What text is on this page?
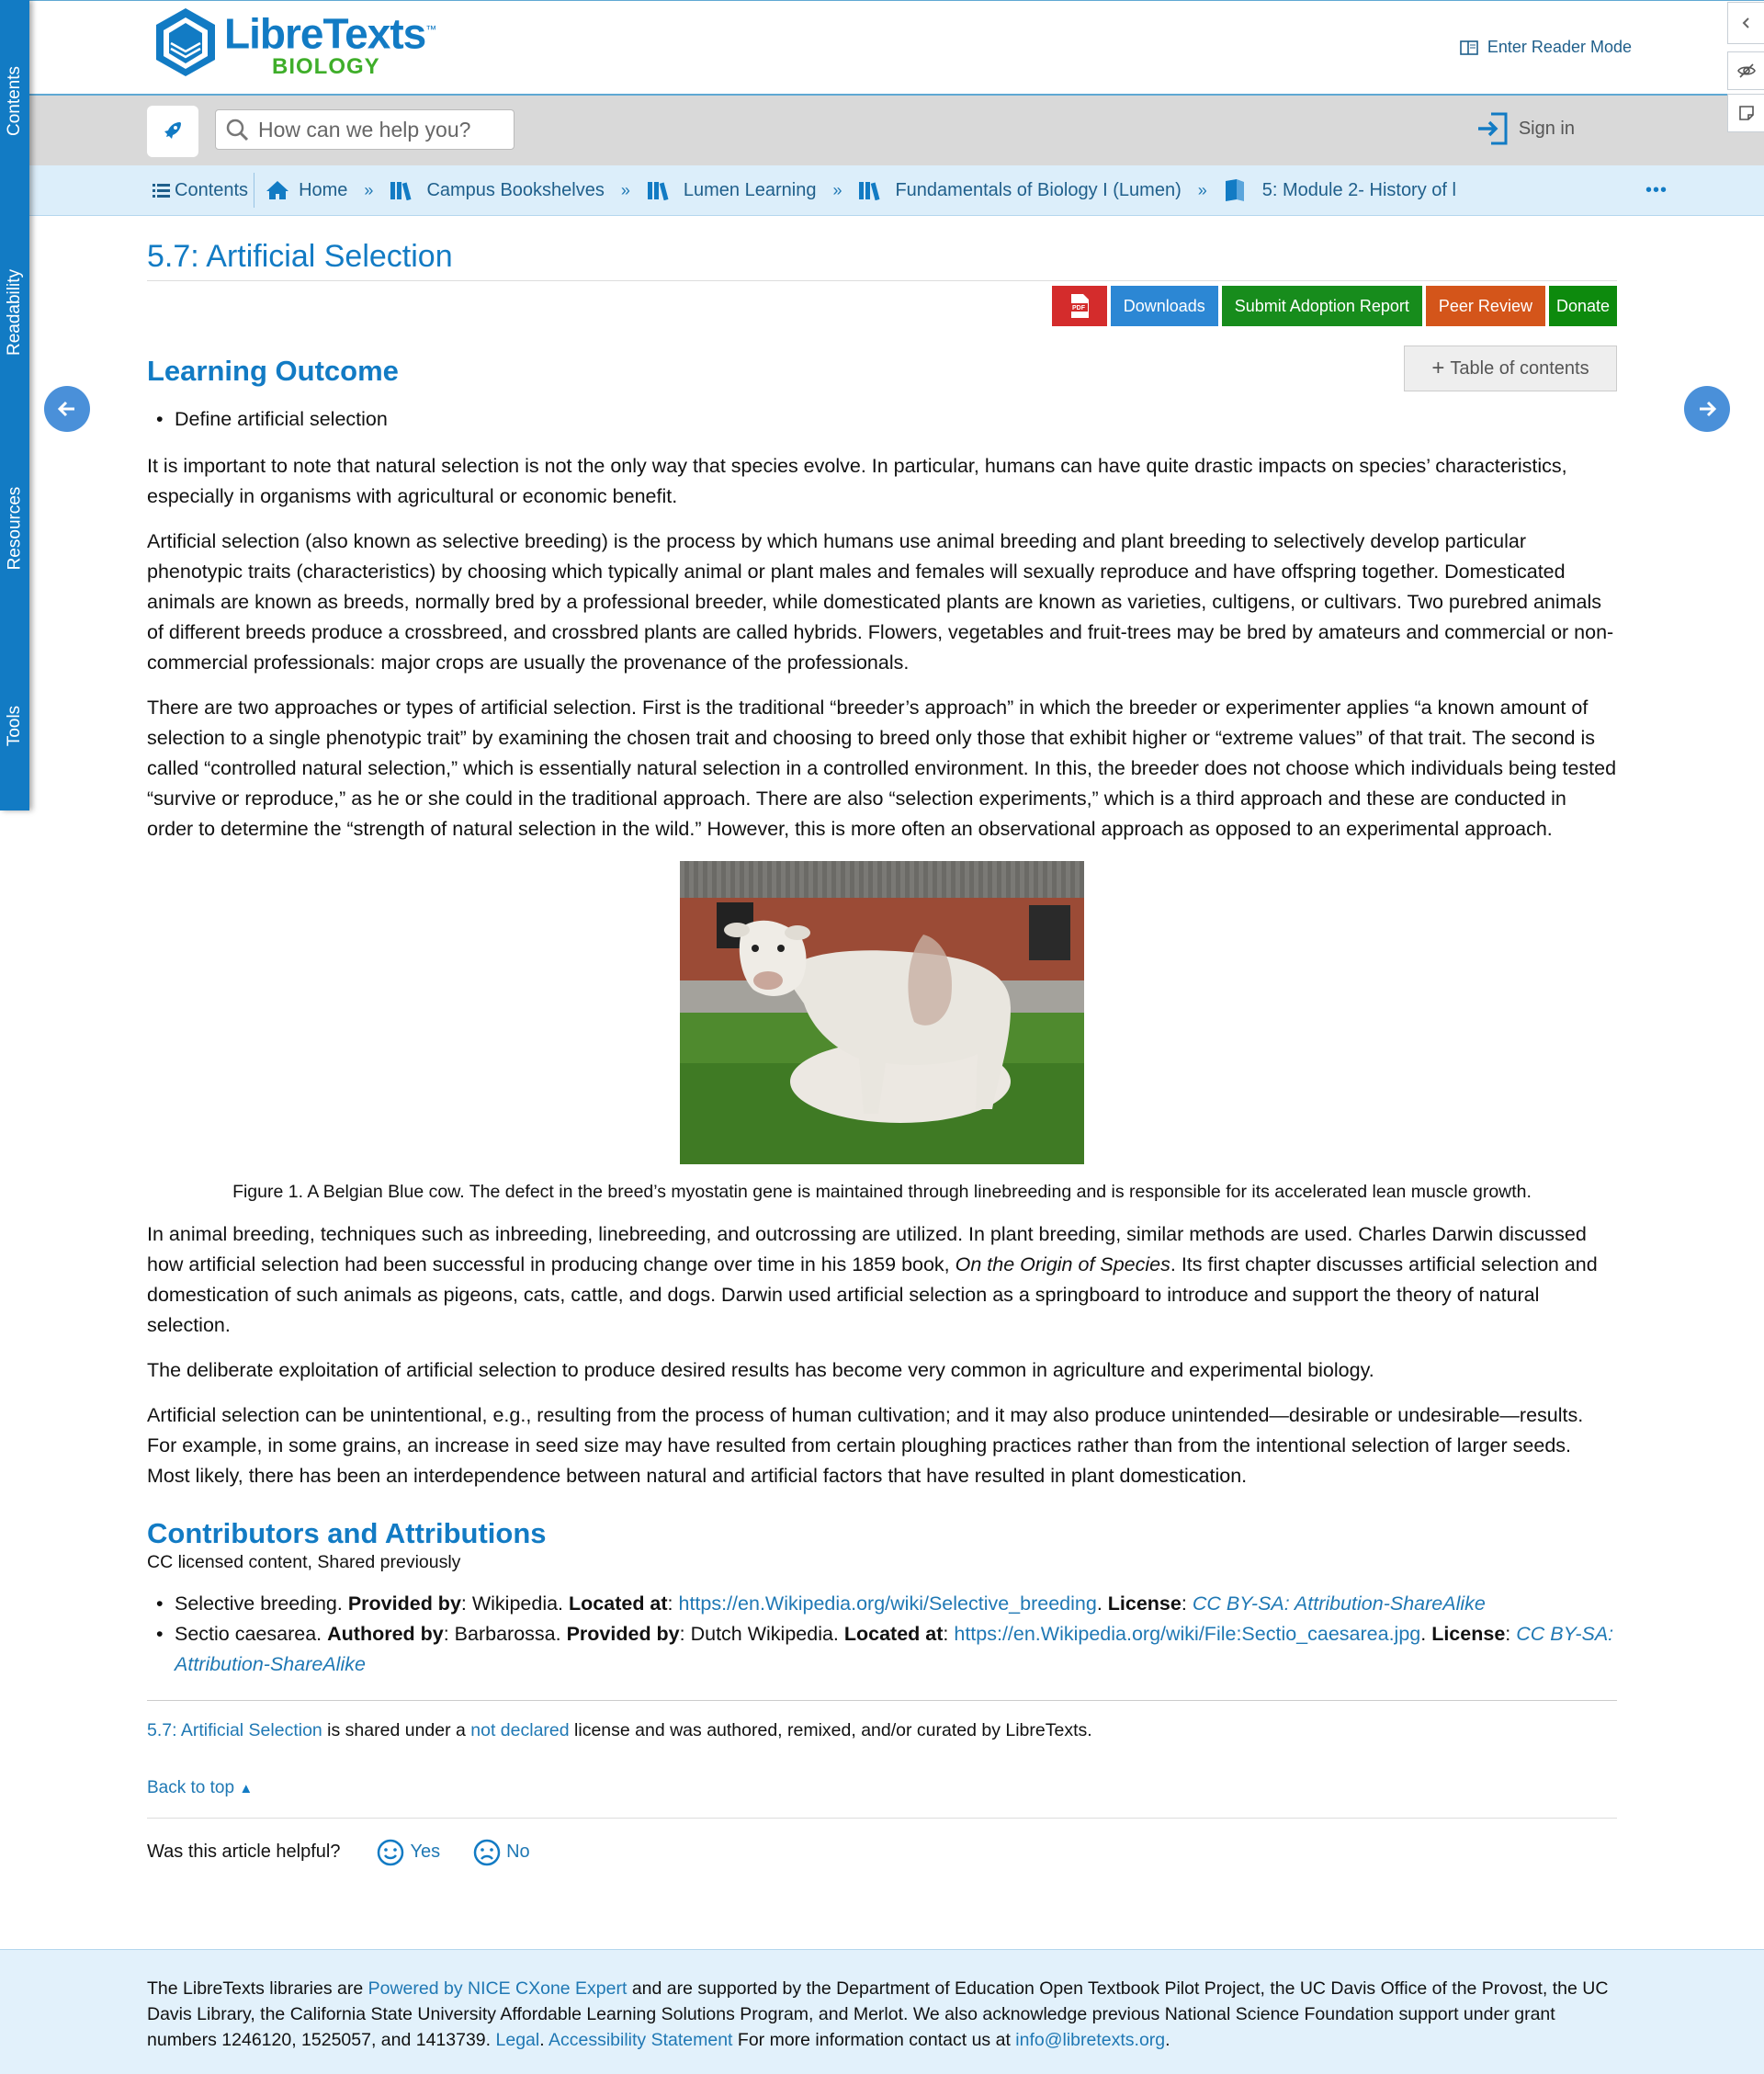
Contents
Readability
Resources
Tools
LibreTexts™
BIOLOGY
Enter Reader Mode
How can we help you?	Sign in
Contents	Home »	Campus Bookshelves »	Lumen Learning »	Fundamentals of Biology I (Lumen) »	5: Module 2- History of l	•••
5.7: Artificial Selection
PDF	Downloads	Submit Adoption Report	Peer Review	Donate
Learning Outcome	+ Table of contents
• Define artificial selection

It is important to note that natural selection is not the only way that species evolve. In particular, humans can have quite drastic impacts on species’ characteristics, especially in organisms with agricultural or economic benefit.

Artificial selection (also known as selective breeding) is the process by which humans use animal breeding and plant breeding to selectively develop particular phenotypic traits (characteristics) by choosing which typically animal or plant males and females will sexually reproduce and have offspring together. Domesticated animals are known as breeds, normally bred by a professional breeder, while domesticated plants are known as varieties, cultigens, or cultivars. Two purebred animals of different breeds produce a crossbreed, and crossbred plants are called hybrids. Flowers, vegetables and fruit-trees may be bred by amateurs and commercial or non-commercial professionals: major crops are usually the provenance of the professionals.

There are two approaches or types of artificial selection. First is the traditional “breeder’s approach” in which the breeder or experimenter applies “a known amount of selection to a single phenotypic trait” by examining the chosen trait and choosing to breed only those that exhibit higher or “extreme values” of that trait. The second is called “controlled natural selection,” which is essentially natural selection in a controlled environment. In this, the breeder does not choose which individuals being tested “survive or reproduce,” as he or she could in the traditional approach. There are also “selection experiments,” which is a third approach and these are conducted in order to determine the “strength of natural selection in the wild.” However, this is more often an observational approach as opposed to an experimental approach.

Figure 1. A Belgian Blue cow. The defect in the breed’s myostatin gene is maintained through linebreeding and is responsible for its accelerated lean muscle growth.

In animal breeding, techniques such as inbreeding, linebreeding, and outcrossing are utilized. In plant breeding, similar methods are used. Charles Darwin discussed how artificial selection had been successful in producing change over time in his 1859 book, On the Origin of Species. Its first chapter discusses artificial selection and domestication of such animals as pigeons, cats, cattle, and dogs. Darwin used artificial selection as a springboard to introduce and support the theory of natural selection.

The deliberate exploitation of artificial selection to produce desired results has become very common in agriculture and experimental biology.

Artificial selection can be unintentional, e.g., resulting from the process of human cultivation; and it may also produce unintended—desirable or undesirable—results. For example, in some grains, an increase in seed size may have resulted from certain ploughing practices rather than from the intentional selection of larger seeds. Most likely, there has been an interdependence between natural and artificial factors that have resulted in plant domestication.

Contributors and Attributions
CC licensed content, Shared previously
• Selective breeding. Provided by: Wikipedia. Located at: https://en.Wikipedia.org/wiki/Selective_breeding. License: CC BY-SA: Attribution-ShareAlike
• Sectio caesarea. Authored by: Barbarossa. Provided by: Dutch Wikipedia. Located at: https://en.Wikipedia.org/wiki/File:Sectio_caesarea.jpg. License: CC BY-SA: Attribution-ShareAlike
5.7: Artificial Selection is shared under a not declared license and was authored, remixed, and/or curated by LibreTexts.
Back to top ▲
Was this article helpful?	Yes	No
The LibreTexts libraries are Powered by NICE CXone Expert and are supported by the Department of Education Open Textbook Pilot Project, the UC Davis Office of the Provost, the UC Davis Library, the California State University Affordable Learning Solutions Program, and Merlot. We also acknowledge previous National Science Foundation support under grant numbers 1246120, 1525057, and 1413739. Legal. Accessibility Statement For more information contact us at info@libretexts.org.
